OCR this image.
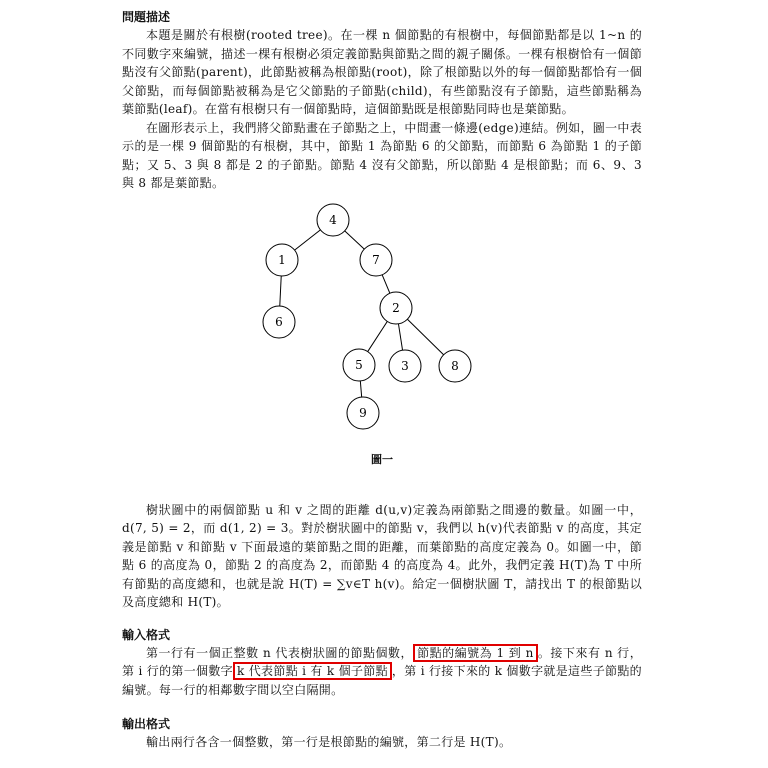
問題描述

本題是關於有根樹(rooted tree)。在一棵 n 個節點的有根樹中，每個節點都是以 1~n 的不同數字來編號，描述一棵有根樹必須定義節點與節點之間的親子關係。一棵有根樹恰有一個節點沒有父節點(parent)，此節點被稱為根節點(root)，除了根節點以外的每一個節點都恰有一個父節點，而每個節點被稱為是它父節點的子節點(child)，有些節點沒有子節點，這些節點稱為葉節點(leaf)。在當有根樹只有一個節點時，這個節點既是根節點同時也是葉節點。

在圖形表示上，我們將父節點畫在子節點之上，中間畫一條邊(edge)連結。例如，圖一中表示的是一棵 9 個節點的有根樹，其中，節點 1 為節點 6 的父節點，而節點 6 為節點 1 的子節點；又 5、3 與 8 都是 2 的子節點。節點 4 沒有父節點，所以節點 4 是根節點；而 6、9、3 與 8 都是葉節點。

4
1	7
6
2
5	3	8
9

圖一

樹狀圖中的兩個節點 u 和 v 之間的距離 d(u,v)定義為兩節點之間邊的數量。如圖一中，d(7, 5) = 2，而 d(1, 2) = 3。對於樹狀圖中的節點 v，我們以 h(v)代表節點 v 的高度，其定義是節點 v 和節點 v 下面最遠的葉節點之間的距離，而葉節點的高度定義為 0。如圖一中，節點 6 的高度為 0，節點 2 的高度為 2，而節點 4 的高度為 4。此外，我們定義 H(T)為 T 中所有節點的高度總和，也就是說 H(T) = ∑v∈T h(v)。給定一個樹狀圖 T，請找出 T 的根節點以及高度總和 H(T)。

輸入格式

第一行有一個正整數 n 代表樹狀圖的節點個數， 節點的編號為 1 到 n 。接下來有 n 行，第 i 行的第一個數字 k 代表節點 i 有 k 個子節點 ，第 i 行接下來的 k 個數字就是這些子節點的編號。每一行的相鄰數字間以空白隔開。

輸出格式

輸出兩行各含一個整數，第一行是根節點的編號，第二行是 H(T)。
